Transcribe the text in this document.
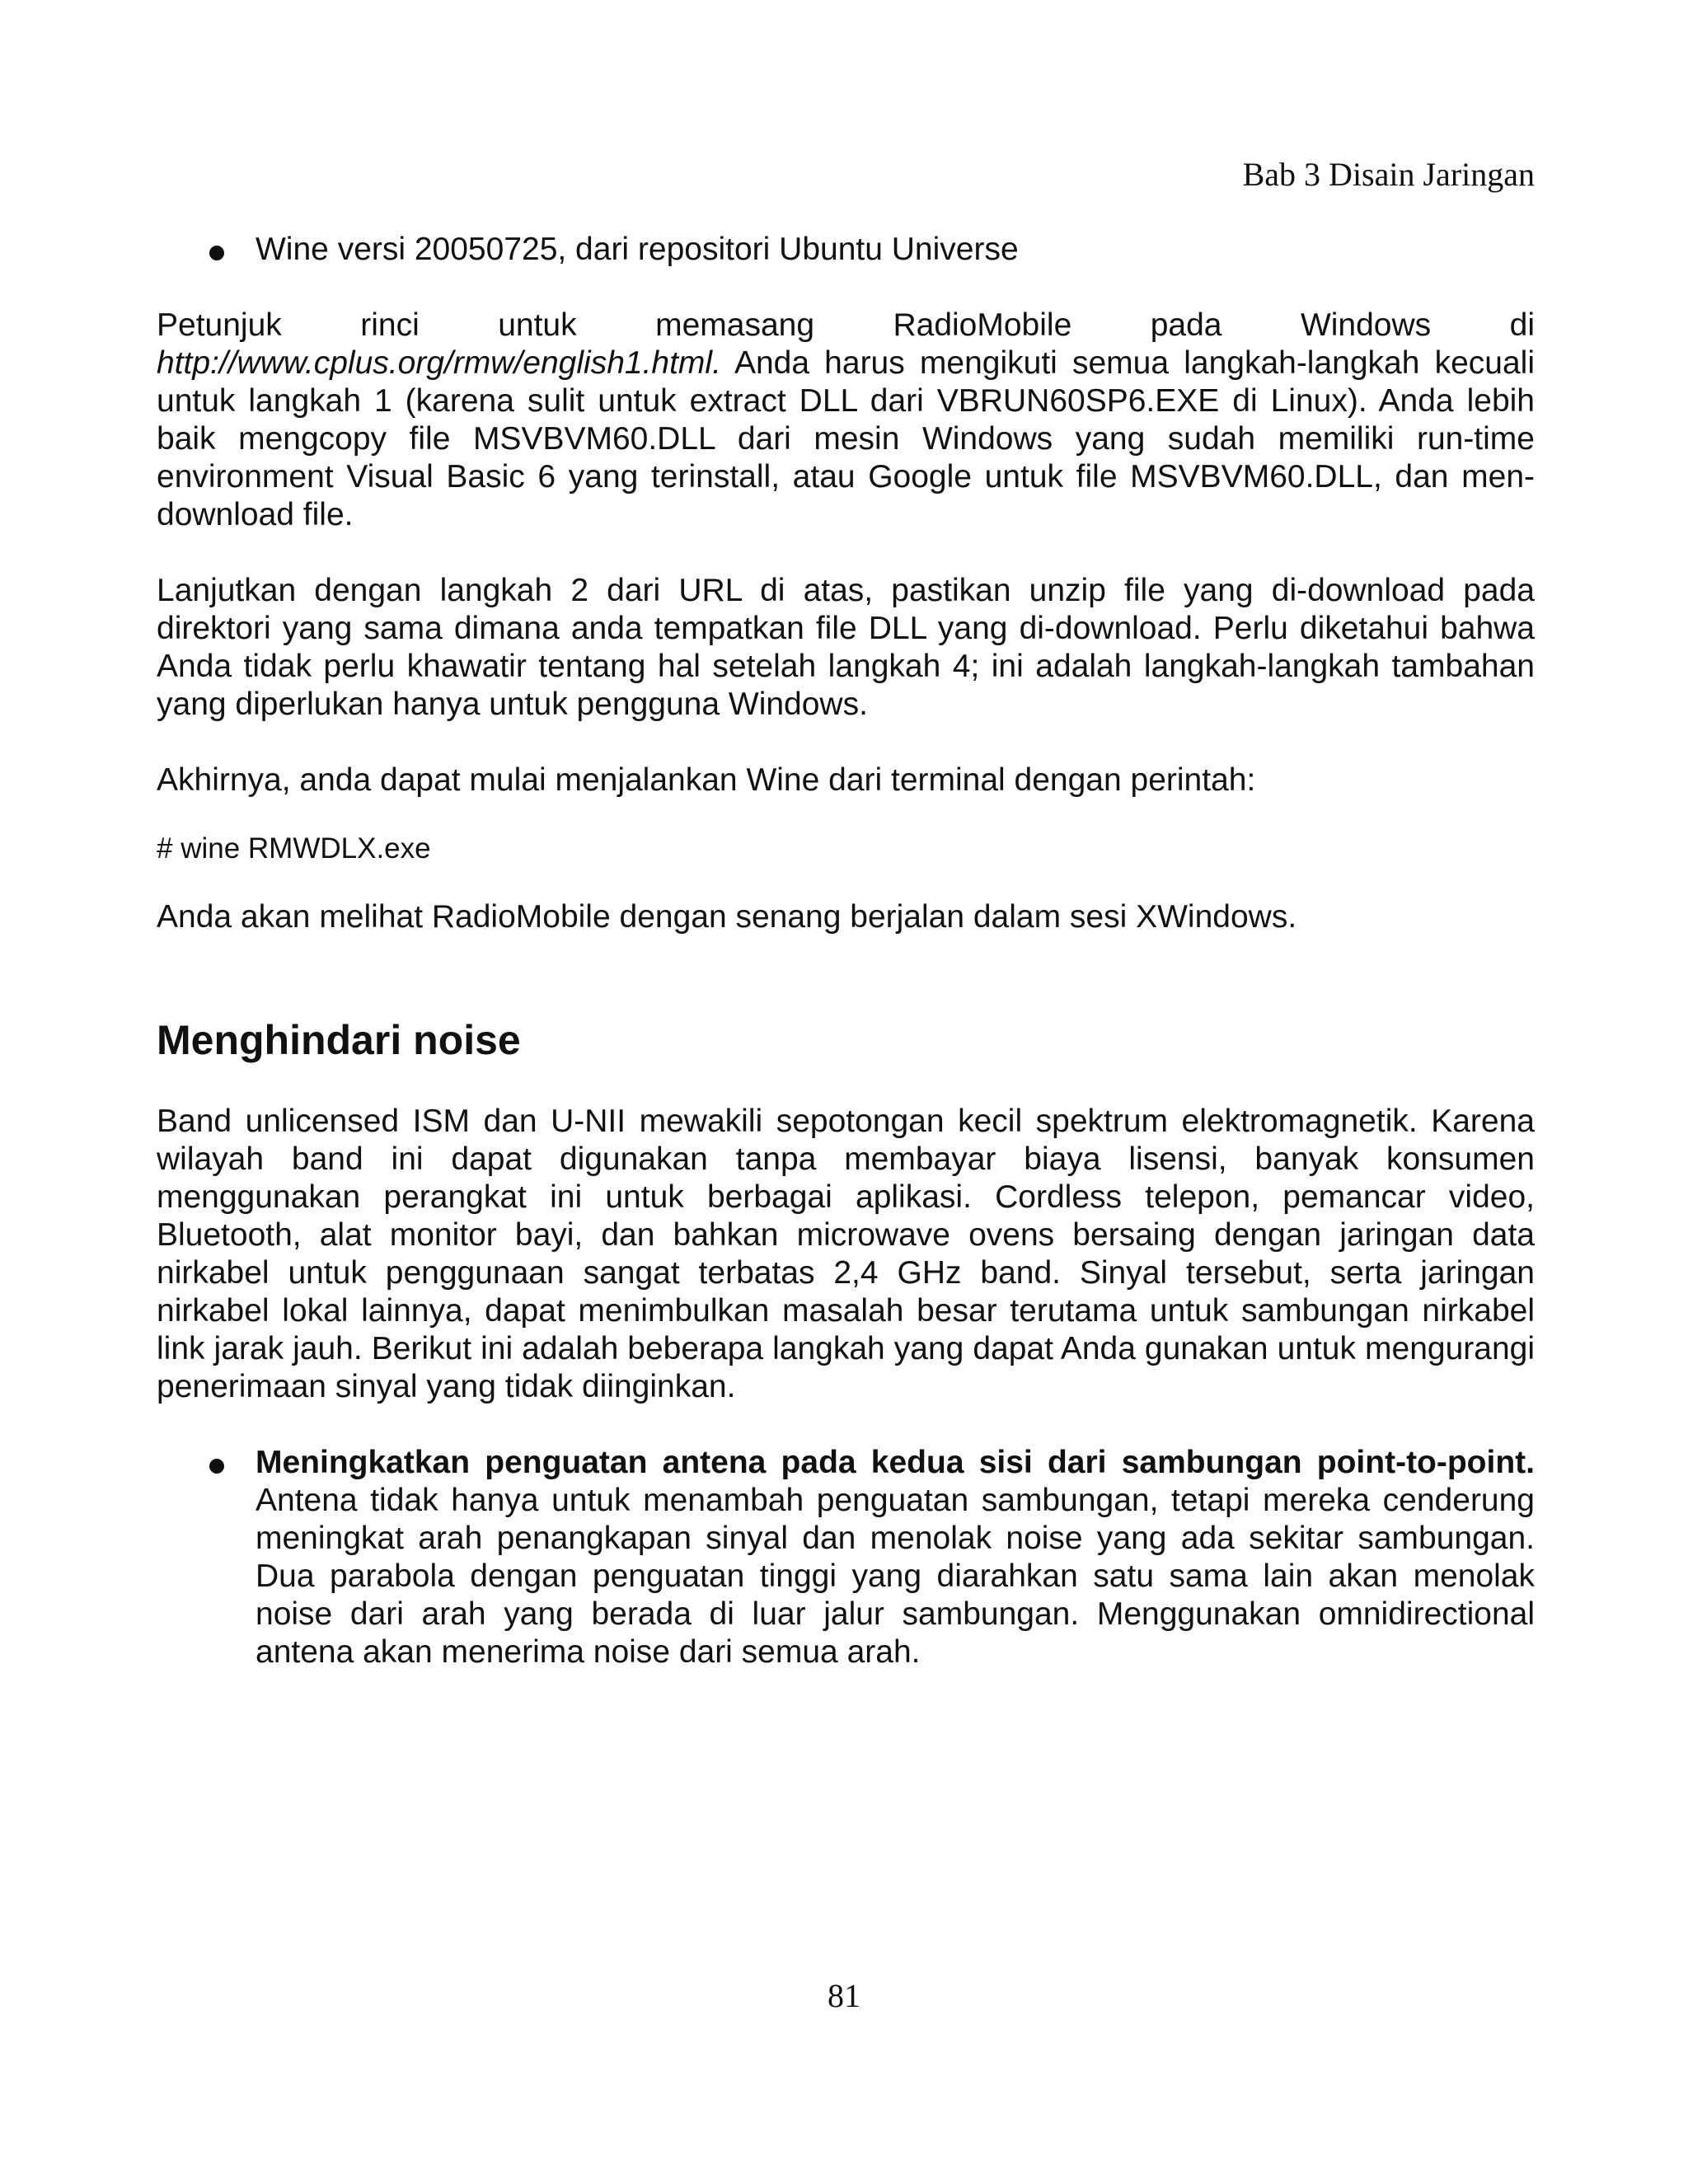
Bab 3 Disain Jaringan

Wine versi 20050725, dari repositori Ubuntu Universe

Petunjuk rinci untuk memasang RadioMobile pada Windows di http://www.cplus.org/rmw/english1.html. Anda harus mengikuti semua langkah-langkah kecuali untuk langkah 1 (karena sulit untuk extract DLL dari VBRUN60SP6.EXE di Linux). Anda lebih baik mengcopy file MSVBVM60.DLL dari mesin Windows yang sudah memiliki run-time environment Visual Basic 6 yang terinstall, atau Google untuk file MSVBVM60.DLL, dan men-download file.

Lanjutkan dengan langkah 2 dari URL di atas, pastikan unzip file yang di-download pada direktori yang sama dimana anda tempatkan file DLL yang di-download. Perlu diketahui bahwa Anda tidak perlu khawatir tentang hal setelah langkah 4; ini adalah langkah-langkah tambahan yang diperlukan hanya untuk pengguna Windows.

Akhirnya, anda dapat mulai menjalankan Wine dari terminal dengan perintah:

# wine RMWDLX.exe

Anda akan melihat RadioMobile dengan senang berjalan dalam sesi XWindows.

Menghindari noise

Band unlicensed ISM dan U-NII mewakili sepotongan kecil spektrum elektromagnetik. Karena wilayah band ini dapat digunakan tanpa membayar biaya lisensi, banyak konsumen menggunakan perangkat ini untuk berbagai aplikasi. Cordless telepon, pemancar video, Bluetooth, alat monitor bayi, dan bahkan microwave ovens bersaing dengan jaringan data nirkabel untuk penggunaan sangat terbatas 2,4 GHz band. Sinyal tersebut, serta jaringan nirkabel lokal lainnya, dapat menimbulkan masalah besar terutama untuk sambungan nirkabel link jarak jauh. Berikut ini adalah beberapa langkah yang dapat Anda gunakan untuk mengurangi penerimaan sinyal yang tidak diinginkan.

Meningkatkan penguatan antena pada kedua sisi dari sambungan point-to-point. Antena tidak hanya untuk menambah penguatan sambungan, tetapi mereka cenderung meningkat arah penangkapan sinyal dan menolak noise yang ada sekitar sambungan. Dua parabola dengan penguatan tinggi yang diarahkan satu sama lain akan menolak noise dari arah yang berada di luar jalur sambungan. Menggunakan omnidirectional antena akan menerima noise dari semua arah.

81
